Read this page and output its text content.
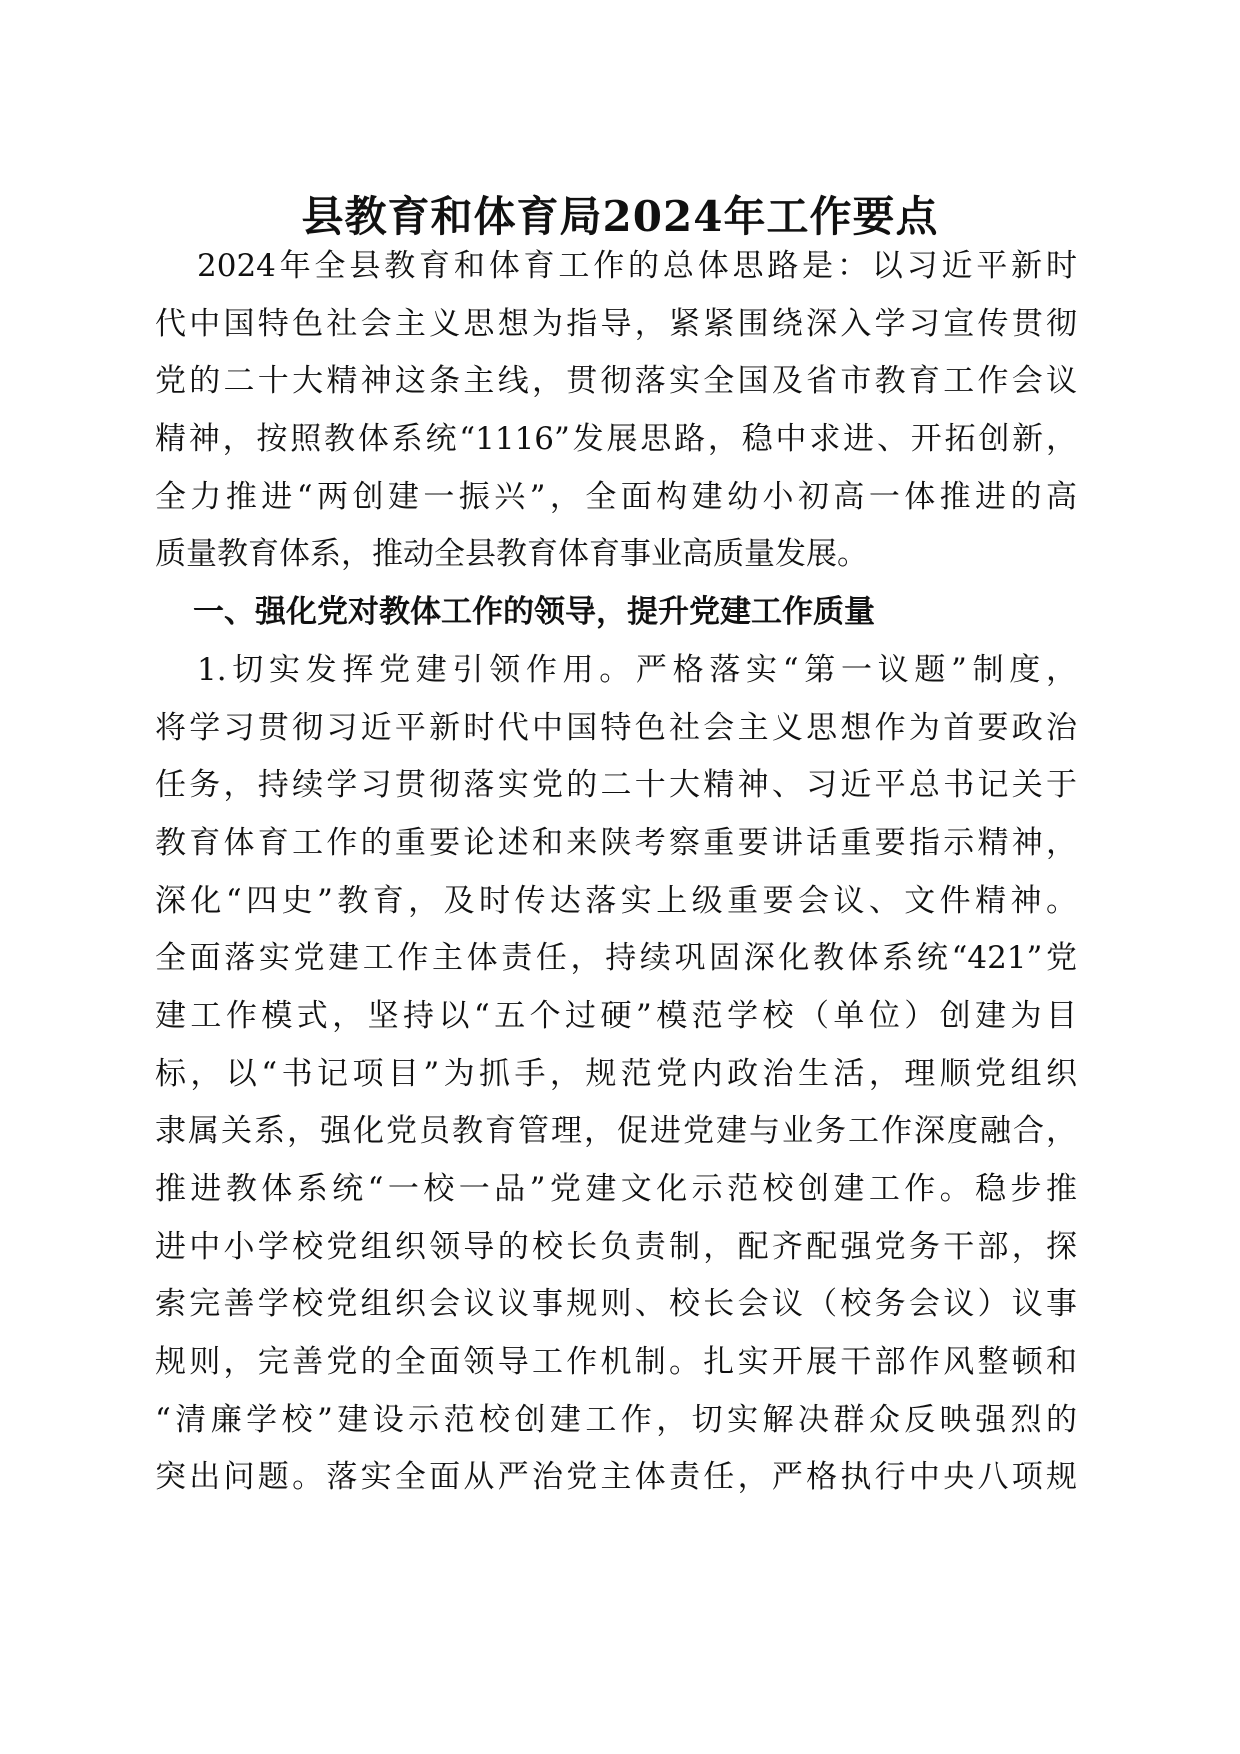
县教育和体育局2024年工作要点
2024年全县教育和体育工作的总体思路是：以习近平新时
代中国特色社会主义思想为指导，紧紧围绕深入学习宣传贯彻
党的二十大精神这条主线，贯彻落实全国及省市教育工作会议
精神，按照教体系统“1116”发展思路，稳中求进、开拓创新，
全力推进“两创建一振兴”，全面构建幼小初高一体推进的高
质量教育体系，推动全县教育体育事业高质量发展。
一、强化党对教体工作的领导，提升党建工作质量
1.切实发挥党建引领作用。严格落实“第一议题”制度，
将学习贯彻习近平新时代中国特色社会主义思想作为首要政治
任务，持续学习贯彻落实党的二十大精神、习近平总书记关于
教育体育工作的重要论述和来陕考察重要讲话重要指示精神，
深化“四史”教育，及时传达落实上级重要会议、文件精神。
全面落实党建工作主体责任，持续巩固深化教体系统“421”党
建工作模式，坚持以“五个过硬”模范学校（单位）创建为目
标，以“书记项目”为抓手，规范党内政治生活，理顺党组织
隶属关系，强化党员教育管理，促进党建与业务工作深度融合，
推进教体系统“一校一品”党建文化示范校创建工作。稳步推
进中小学校党组织领导的校长负责制，配齐配强党务干部，探
索完善学校党组织会议议事规则、校长会议（校务会议）议事
规则，完善党的全面领导工作机制。扎实开展干部作风整顿和
“清廉学校”建设示范校创建工作，切实解决群众反映强烈的
突出问题。落实全面从严治党主体责任，严格执行中央八项规
